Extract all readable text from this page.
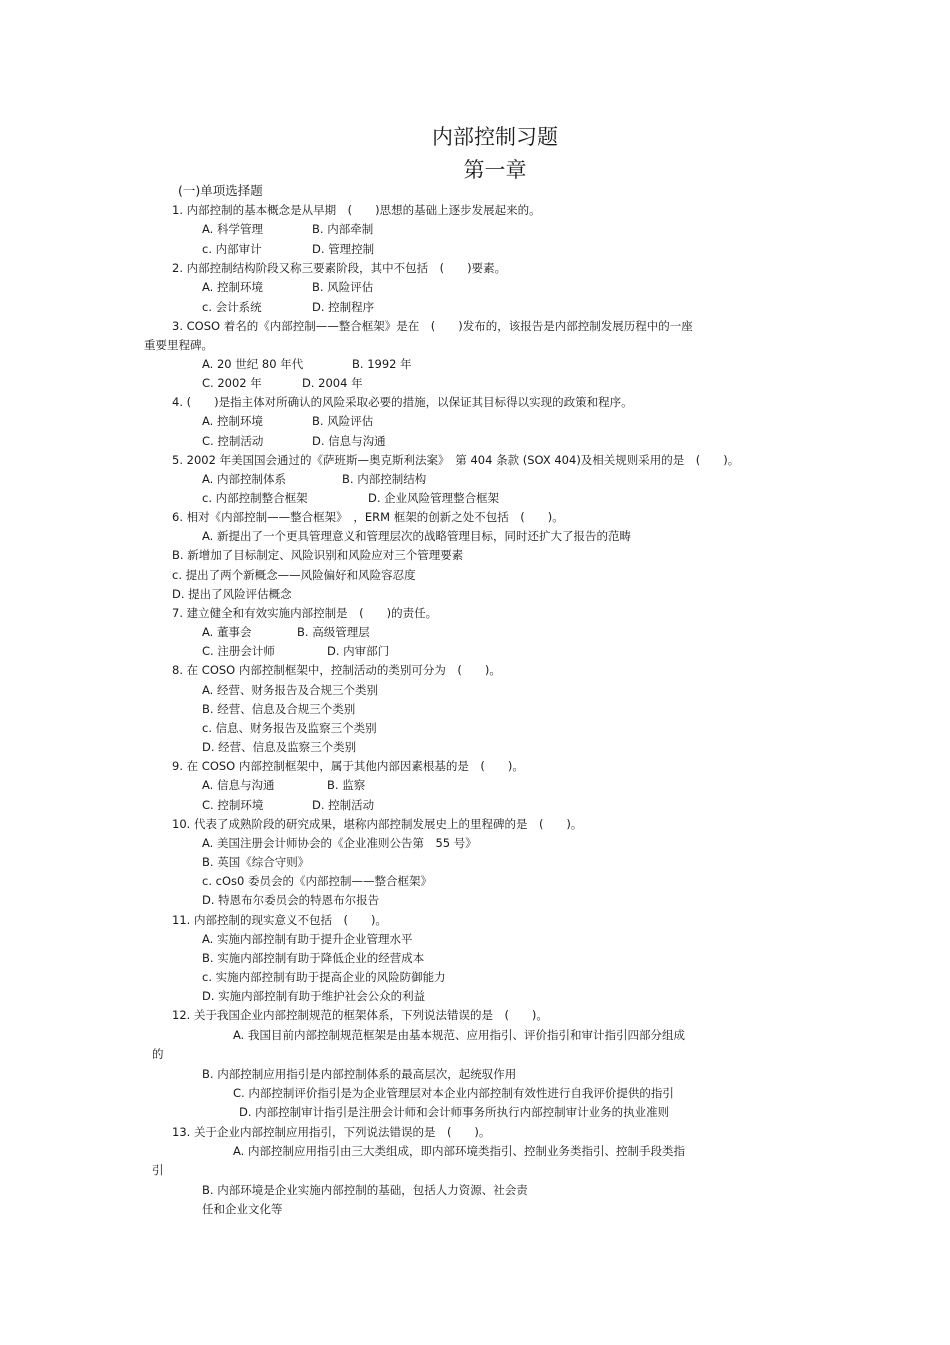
内部控制习题
第一章
(一)单项选择题
1. 内部控制的基本概念是从早期　(　　)思想的基础上逐步发展起来的。
A. 科学管理	B. 内部牵制
c. 内部审计	D. 管理控制
2. 内部控制结构阶段又称三要素阶段，其中不包括　(　　)要素。
A. 控制环境	B. 风险评估
c. 会计系统	D. 控制程序
3. COSO 着名的《内部控制——整合框架》是在　(　　)发布的，该报告是内部控制发展历程中的一座
重要里程碑。
A. 20 世纪 80 年代	B. 1992 年
C. 2002 年	D. 2004 年
4. (　　)是指主体对所确认的风险采取必要的措施，以保证其目标得以实现的政策和程序。
A. 控制环境	B. 风险评估
C. 控制活动	D. 信息与沟通
5. 2002 年美国国会通过的《萨班斯—奥克斯利法案》　第 404 条款 (SOX 404)及相关规则采用的是　(　　)。
A. 内部控制体系	B. 内部控制结构
c. 内部控制整合框架	D. 企业风险管理整合框架
6. 相对《内部控制——整合框架》　，ERM 框架的创新之处不包括　(　　)。
A. 新提出了一个更具管理意义和管理层次的战略管理目标，同时还扩大了报告的范畴
B. 新增加了目标制定、风险识别和风险应对三个管理要素
c. 提出了两个新概念——风险偏好和风险容忍度
D. 提出了风险评估概念
7. 建立健全和有效实施内部控制是　(　　)的责任。
A. 董事会	B. 高级管理层
C. 注册会计师	D. 内审部门
8. 在 COSO 内部控制框架中，控制活动的类别可分为　(　　)。
A. 经营、财务报告及合规三个类别
B. 经营、信息及合规三个类别
c. 信息、财务报告及监察三个类别
D. 经营、信息及监察三个类别
9. 在 COSO 内部控制框架中，属于其他内部因素根基的是　(　　)。
A. 信息与沟通	B. 监察
C. 控制环境	D. 控制活动
10. 代表了成熟阶段的研究成果，堪称内部控制发展史上的里程碑的是　(　　)。
A. 美国注册会计师协会的《企业准则公告第　55 号》
B. 英国《综合守则》
c. cOs0 委员会的《内部控制——整合框架》
D. 特恩布尔委员会的特恩布尔报告
11. 内部控制的现实意义不包括　(　　)。
A. 实施内部控制有助于提升企业管理水平
B. 实施内部控制有助于降低企业的经营成本
c. 实施内部控制有助于提高企业的风险防御能力
D. 实施内部控制有助于维护社会公众的利益
12. 关于我国企业内部控制规范的框架体系，下列说法错误的是　(　　)。
A. 我国目前内部控制规范框架是由基本规范、应用指引、评价指引和审计指引四部分组成
的
B. 内部控制应用指引是内部控制体系的最高层次，起统驭作用
C. 内部控制评价指引是为企业管理层对本企业内部控制有效性进行自我评价提供的指引
D. 内部控制审计指引是注册会计师和会计师事务所执行内部控制审计业务的执业准则
13. 关于企业内部控制应用指引，下列说法错误的是　(　　)。
A. 内部控制应用指引由三大类组成，即内部环境类指引、控制业务类指引、控制手段类指
引
B. 内部环境是企业实施内部控制的基础，包括人力资源、社会责
任和企业文化等
